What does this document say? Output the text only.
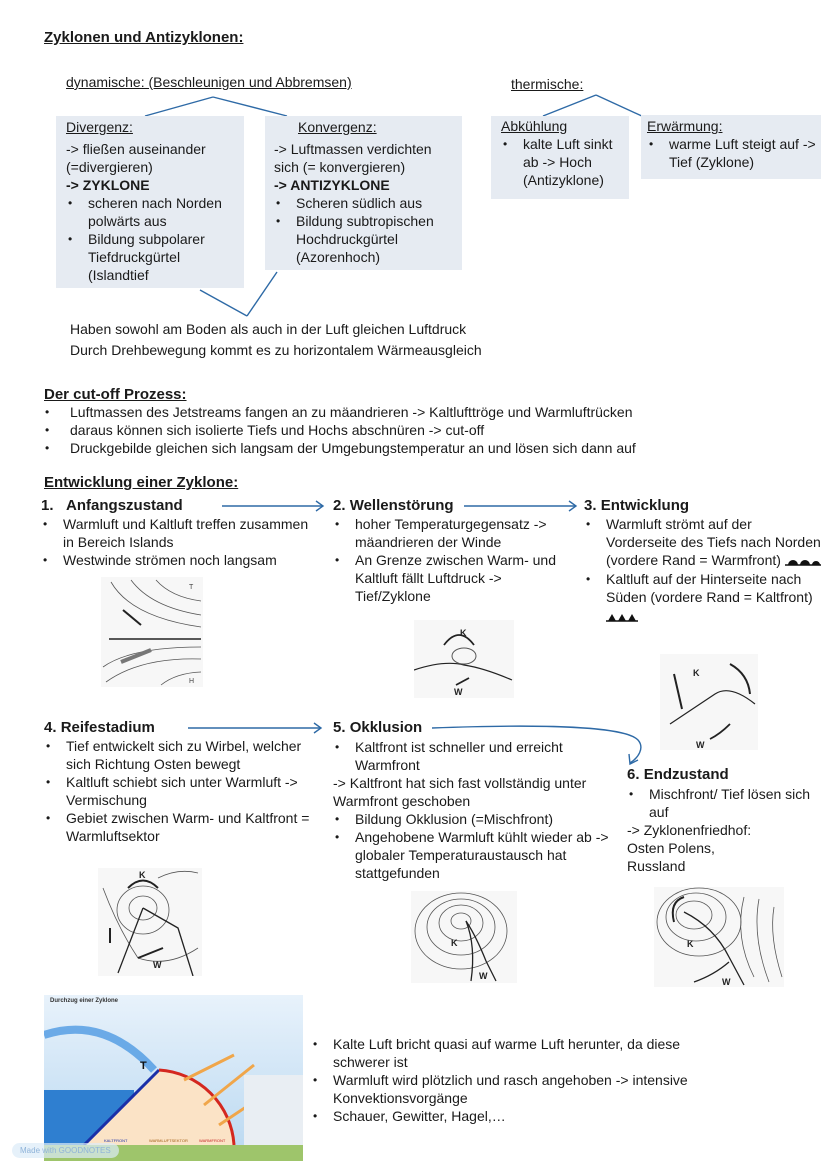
Zyklonen und Antizyklonen:
dynamische: (Beschleunigen und Abbremsen)
Divergenz:
-> fließen auseinander
(=divergieren)
-> ZYKLONE
• scheren nach Norden polwärts aus
• Bildung subpolarer Tiefdruckgürtel (Islandtief
Konvergenz:
-> Luftmassen verdichten
sich (= konvergieren)
-> ANTIZYKLONE
• Scheren südlich aus
• Bildung subtropischen Hochdruckgürtel (Azorenhoch)
Haben sowohl am Boden als auch in der Luft gleichen Luftdruck
Durch Drehbewegung kommt es zu horizontalem Wärmeausgleich
thermische:
Abkühlung
• kalte Luft sinkt ab -> Hoch (Antizyklone)
Erwärmung:
• warme Luft steigt auf -> Tief (Zyklone)
Der cut-off Prozess:
• Luftmassen des Jetstreams fangen an zu mäandrieren -> Kaltlufttröge und Warmluftrücken
• daraus können sich isolierte Tiefs und Hochs abschnüren -> cut-off
• Druckgebilde gleichen sich langsam der Umgebungstemperatur an und lösen sich dann auf
Entwicklung einer Zyklone:
1. Anfangszustand
• Warmluft und Kaltluft treffen zusammen in Bereich Islands
• Westwinde strömen noch langsam
T
H
2. Wellenstörung
• hoher Temperaturgegensatz -> mäandrieren der Winde
• An Grenze zwischen Warm- und Kaltluft fällt Luftdruck -> Tief/Zyklone
K
W
3. Entwicklung
• Warmluft strömt auf der Vorderseite des Tiefs nach Norden (vordere Rand = Warmfront)
• Kaltluft auf der Hinterseite nach Süden (vordere Rand = Kaltfront)
K
W
4. Reifestadium
• Tief entwickelt sich zu Wirbel, welcher sich Richtung Osten bewegt
• Kaltluft schiebt sich unter Warmluft -> Vermischung
• Gebiet zwischen Warm- und Kaltfront = Warmluftsektor
K
W
5. Okklusion
• Kaltfront ist schneller und erreicht Warmfront
-> Kaltfront hat sich fast vollständig unter Warmfront geschoben
• Bildung Okklusion (=Mischfront)
• Angehobene Warmluft kühlt wieder ab -> globaler Temperaturaustausch hat stattgefunden
K
W
6. Endzustand
• Mischfront/ Tief lösen sich auf
-> Zyklonenfriedhof:
Osten Polens,
Russland
K
W
Durchzug einer Zyklone
T
KALTFRONT	WARMLUFTSEKTOR	WARMFRONT
• Kalte Luft bricht quasi auf warme Luft herunter, da diese schwerer ist
• Warmluft wird plötzlich und rasch angehoben -> intensive Konvektionsvorgänge
• Schauer, Gewitter, Hagel,…
Made with GOODNOTES
